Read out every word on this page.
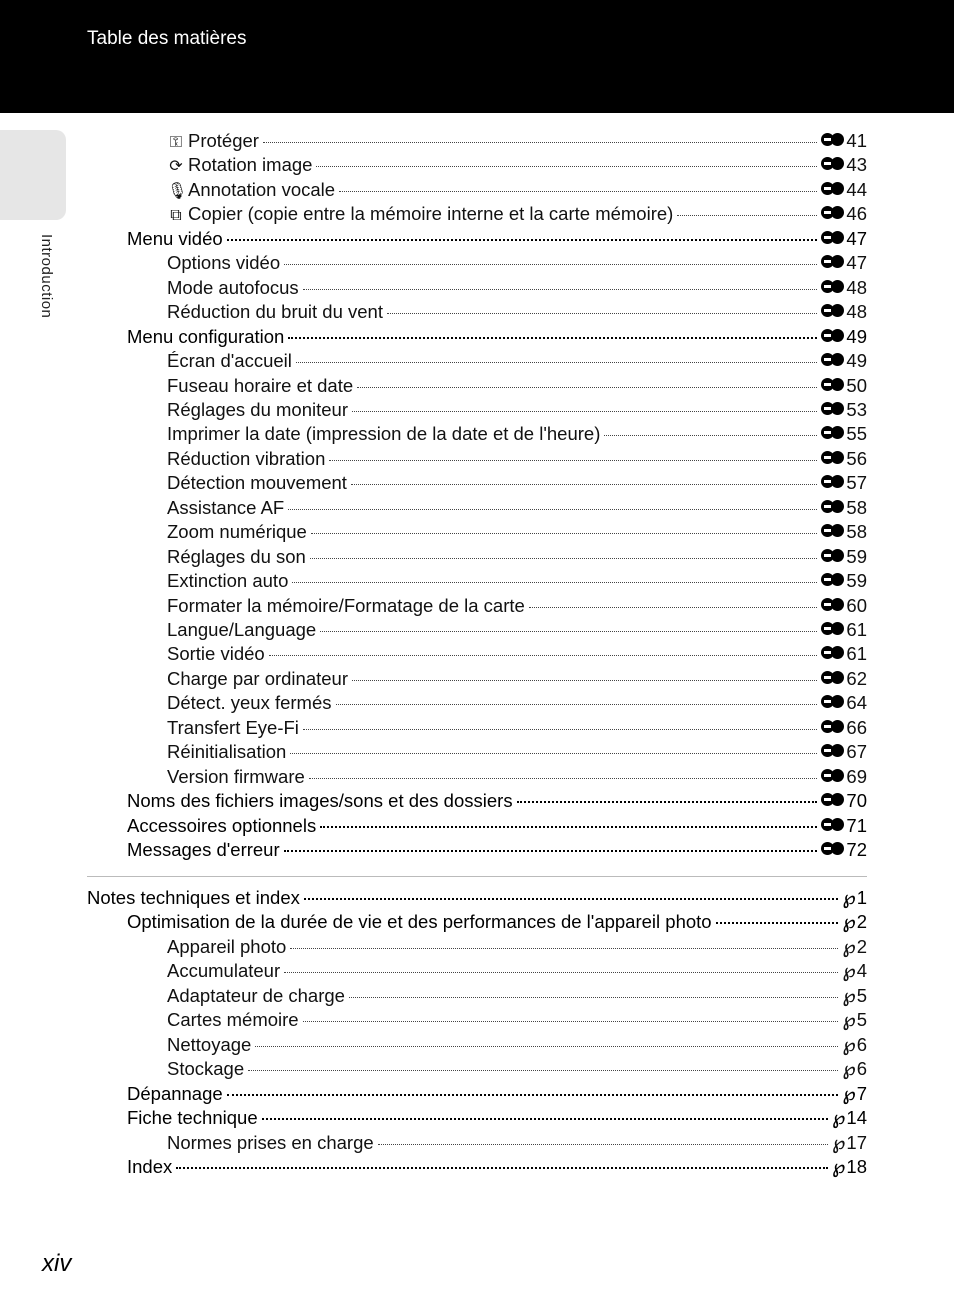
Table des matières
Introduction
⚿ Protéger	41
⟳ Rotation image	43
🎙Annotation vocale	44
⧉ Copier (copie entre la mémoire interne et la carte mémoire)	46
Menu vidéo	47
Options vidéo	47
Mode autofocus	48
Réduction du bruit du vent	48
Menu configuration	49
Écran d'accueil	49
Fuseau horaire et date	50
Réglages du moniteur	53
Imprimer la date (impression de la date et de l'heure)	55
Réduction vibration	56
Détection mouvement	57
Assistance AF	58
Zoom numérique	58
Réglages du son	59
Extinction auto	59
Formater la mémoire/Formatage de la carte	60
Langue/Language	61
Sortie vidéo	61
Charge par ordinateur	62
Détect. yeux fermés	64
Transfert Eye-Fi	66
Réinitialisation	67
Version firmware	69
Noms des fichiers images/sons et des dossiers	70
Accessoires optionnels	71
Messages d'erreur	72
Notes techniques et index	℘ 1
Optimisation de la durée de vie et des performances de l'appareil photo	℘ 2
Appareil photo	℘ 2
Accumulateur	℘ 4
Adaptateur de charge	℘ 5
Cartes mémoire	℘ 5
Nettoyage	℘ 6
Stockage	℘ 6
Dépannage	℘ 7
Fiche technique	℘ 14
Normes prises en charge	℘ 17
Index	℘ 18
xiv
